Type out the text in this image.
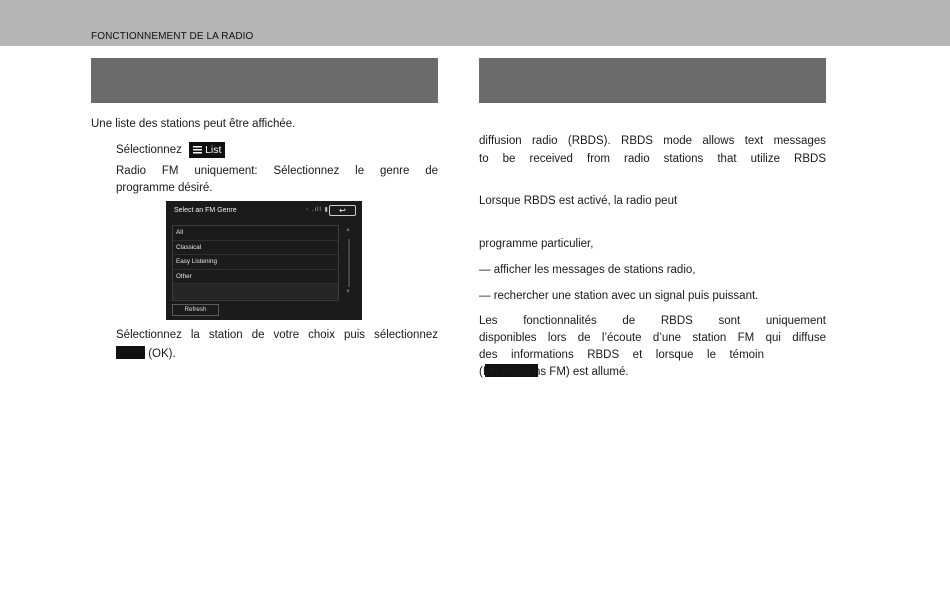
FONCTIONNEMENT DE LA RADIO
Une liste des stations peut être affichée.
Sélectionnez List
Radio FM uniquement: Sélectionnez le genre de
programme désiré.
Select an FM Genre	◦ .ıll ▮	↩
All
Classical
Easy Listening
Other
▲
▼
Refresh
Sélectionnez la station de votre choix puis sélectionnez
(OK).
diffusion radio (RBDS). RBDS mode allows text messages
to be received from radio stations that utilize RBDS
Lorsque RBDS est activé, la radio peut
programme particulier,
— afficher les messages de stations radio,
— rechercher une station avec un signal puis puissant.
Les fonctionnalités de RBDS sont uniquement
disponibles lors de l’écoute d’une station FM qui diffuse
des informations RBDS et lorsque le témoin
(Informations FM) est allumé.
